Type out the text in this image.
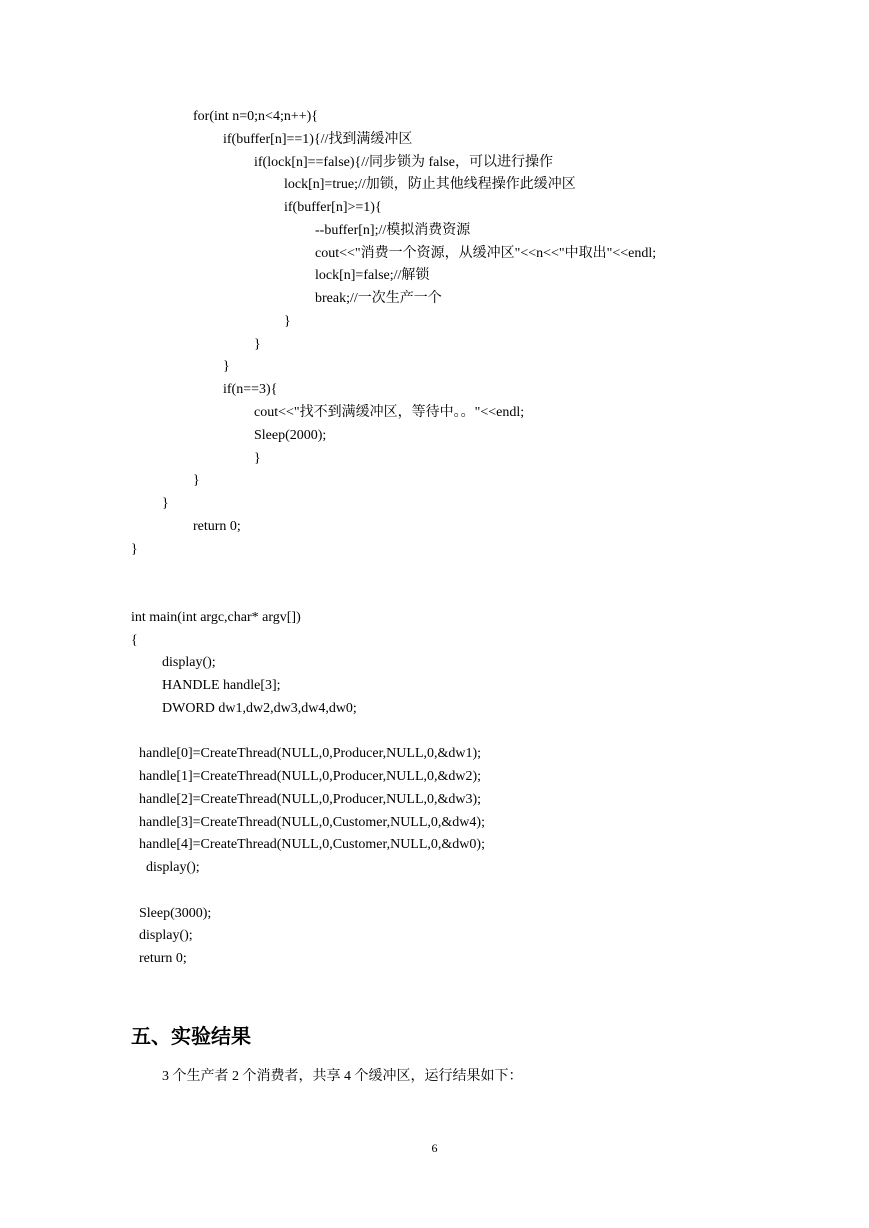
for(int n=0;n<4;n++){
if(buffer[n]==1){//找到满缓冲区
if(lock[n]==false){//同步锁为 false，可以进行操作
lock[n]=true;//加锁，防止其他线程操作此缓冲区
if(buffer[n]>=1){
--buffer[n];//模拟消费资源
cout<<"消费一个资源，从缓冲区"<<n<<"中取出"<<endl;
lock[n]=false;//解锁
break;//一次生产一个
}
}
}
if(n==3){
cout<<"找不到满缓冲区，等待中。。"<<endl;
Sleep(2000);
}
}
}
return 0;
}
int main(int argc,char* argv[])
{
display();
HANDLE handle[3];
DWORD dw1,dw2,dw3,dw4,dw0;
handle[0]=CreateThread(NULL,0,Producer,NULL,0,&dw1);
handle[1]=CreateThread(NULL,0,Producer,NULL,0,&dw2);
handle[2]=CreateThread(NULL,0,Producer,NULL,0,&dw3);
handle[3]=CreateThread(NULL,0,Customer,NULL,0,&dw4);
handle[4]=CreateThread(NULL,0,Customer,NULL,0,&dw0);
display();
Sleep(3000);
display();
return 0;
五、实验结果
3 个生产者 2 个消费者，共享 4 个缓冲区，运行结果如下：
6
